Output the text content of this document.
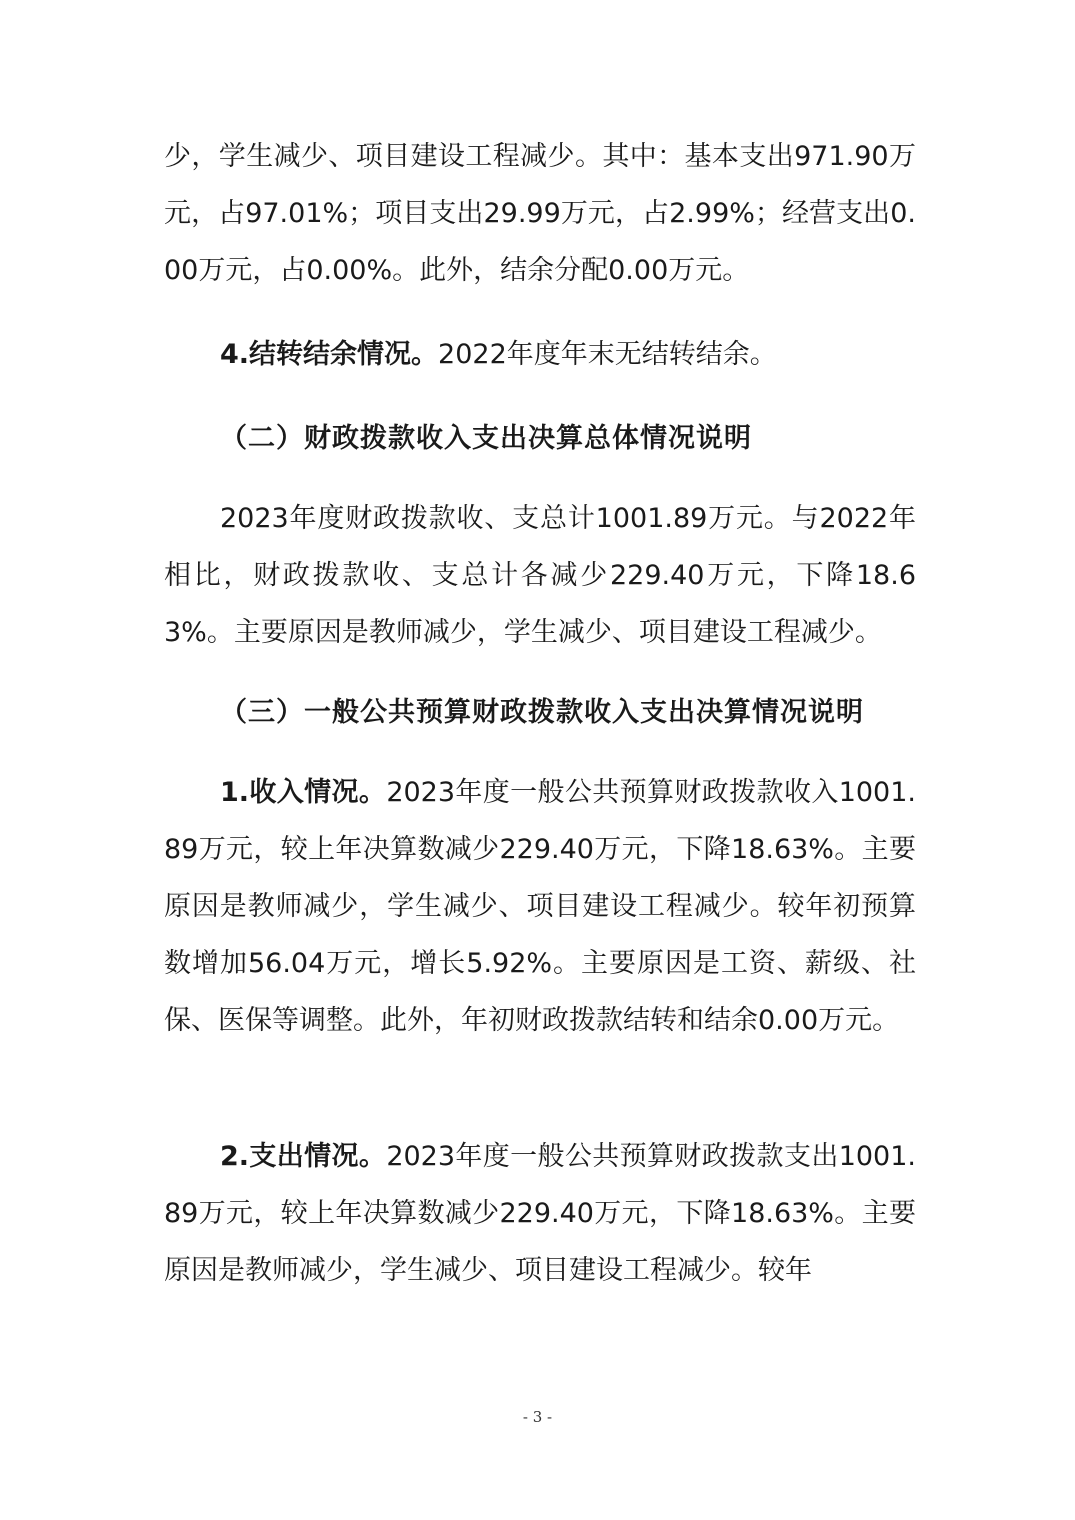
少，学生减少、项目建设工程减少。其中：基本支出971.90万元，占97.01%；项目支出29.99万元，占2.99%；经营支出0.00万元，占0.00%。此外，结余分配0.00万元。

4.结转结余情况。2022年度年末无结转结余。

（二）财政拨款收入支出决算总体情况说明

2023年度财政拨款收、支总计1001.89万元。与2022年相比，财政拨款收、支总计各减少229.40万元，下降18.63%。主要原因是教师减少，学生减少、项目建设工程减少。

（三）一般公共预算财政拨款收入支出决算情况说明

1.收入情况。2023年度一般公共预算财政拨款收入1001.89万元，较上年决算数减少229.40万元，下降18.63%。主要原因是教师减少，学生减少、项目建设工程减少。较年初预算数增加56.04万元，增长5.92%。主要原因是工资、薪级、社保、医保等调整。此外，年初财政拨款结转和结余0.00万元。

2.支出情况。2023年度一般公共预算财政拨款支出1001.89万元，较上年决算数减少229.40万元，下降18.63%。主要原因是教师减少，学生减少、项目建设工程减少。较年

- 3 -
